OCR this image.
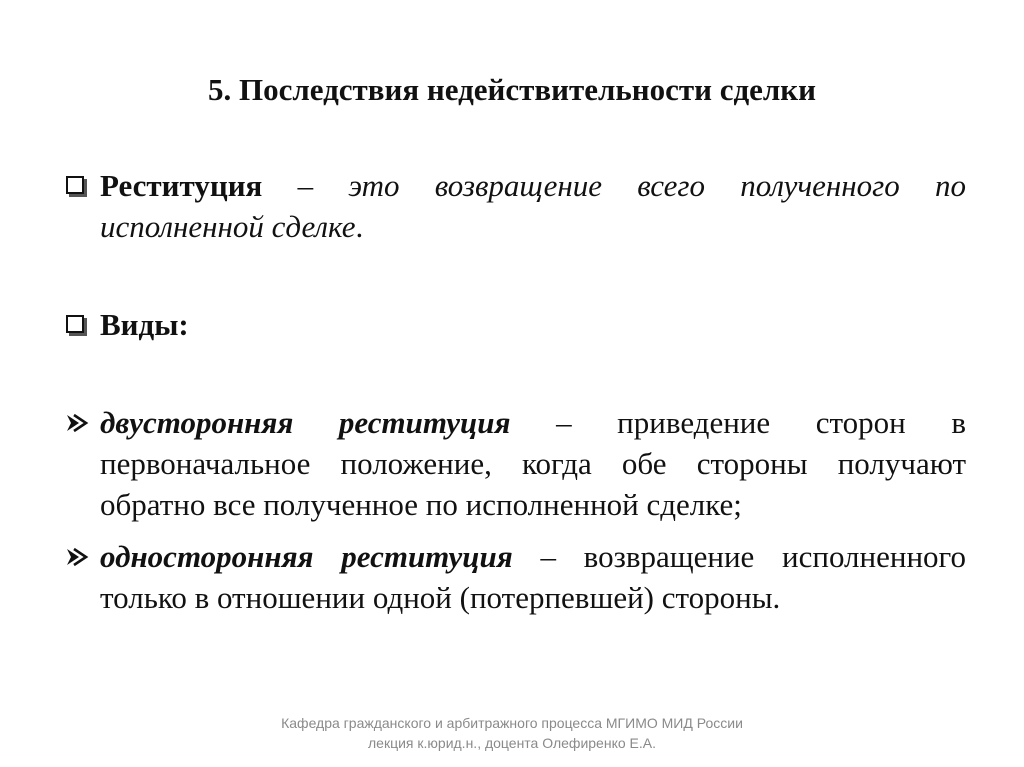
5. Последствия недействительности сделки
Реституция – это возвращение всего полученного по исполненной сделке.
Виды:
двусторонняя реституция – приведение сторон в первоначальное положение, когда обе стороны получают обратно все полученное по исполненной сделке;
односторонняя реституция – возвращение исполненного только в отношении одной (потерпевшей) стороны.
Кафедра гражданского и арбитражного процесса МГИМО МИД России
лекция к.юрид.н., доцента Олефиренко Е.А.
